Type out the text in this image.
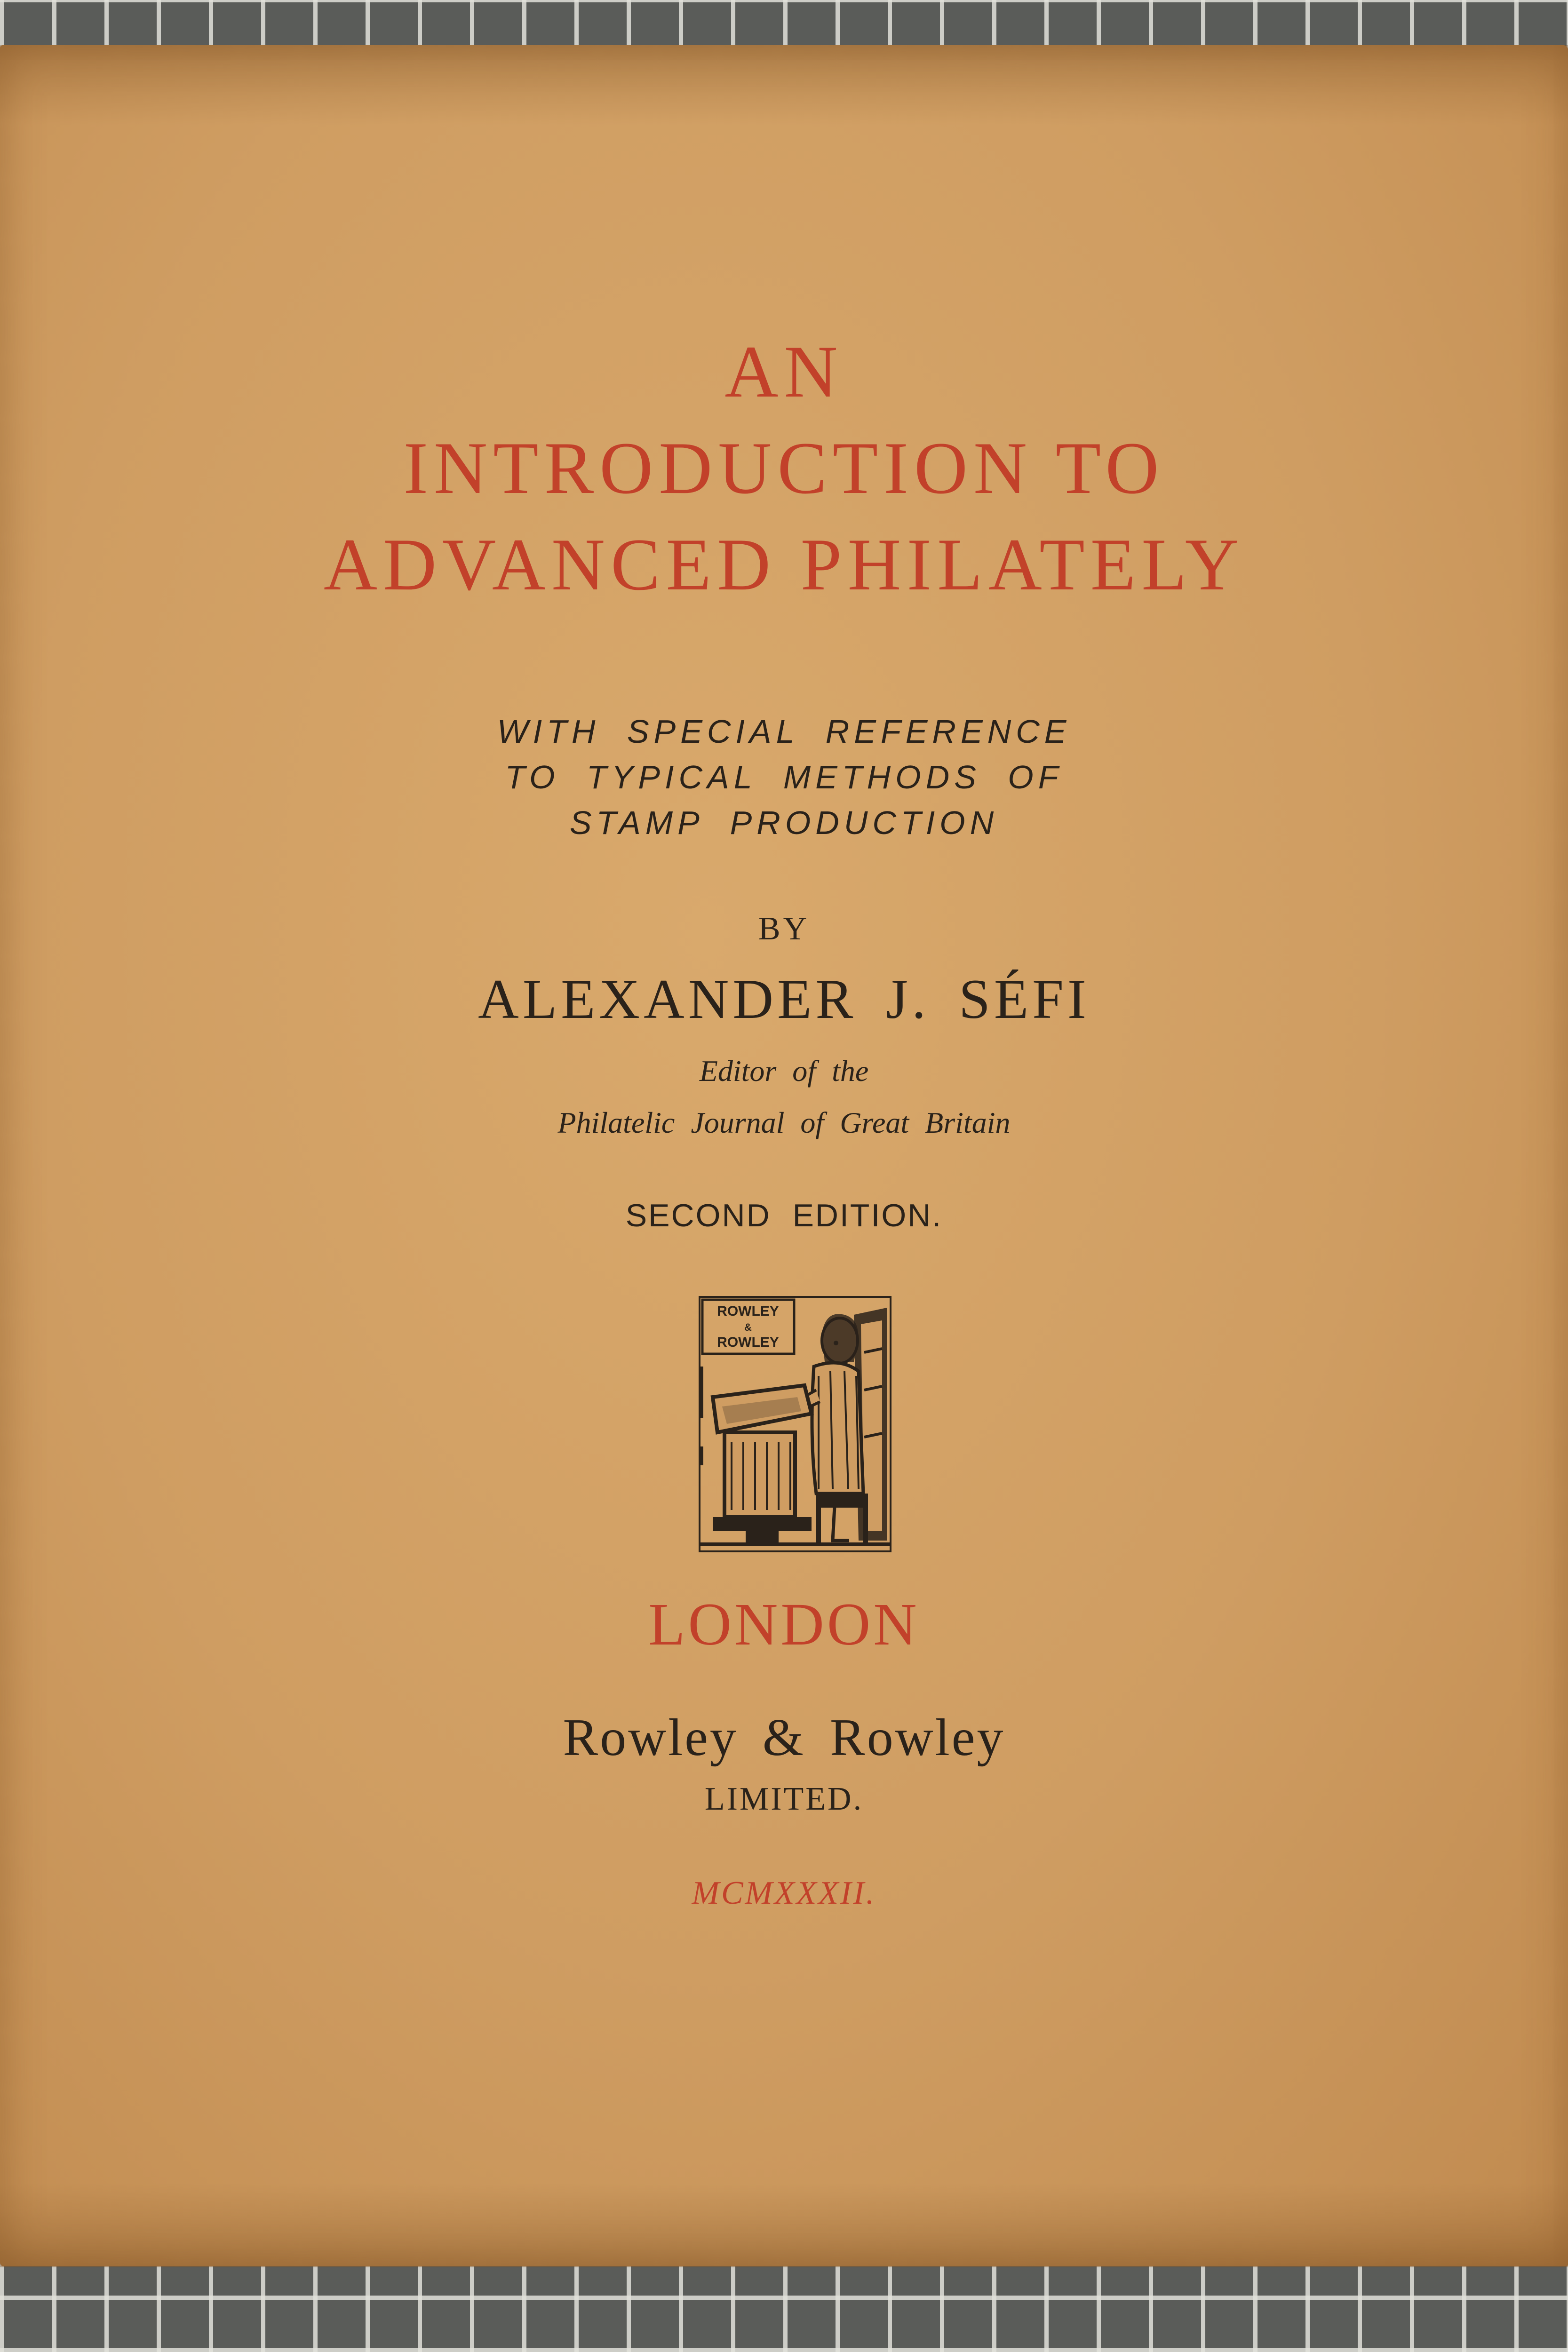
AN
INTRODUCTION TO
ADVANCED PHILATELY
WITH SPECIAL REFERENCE
TO TYPICAL METHODS OF
STAMP PRODUCTION
BY
ALEXANDER J. SÉFI
Editor of the
Philatelic Journal of Great Britain
SECOND EDITION.
ROWLEY
&
ROWLEY
LONDON
Rowley & Rowley
LIMITED.
MCMXXXII.
